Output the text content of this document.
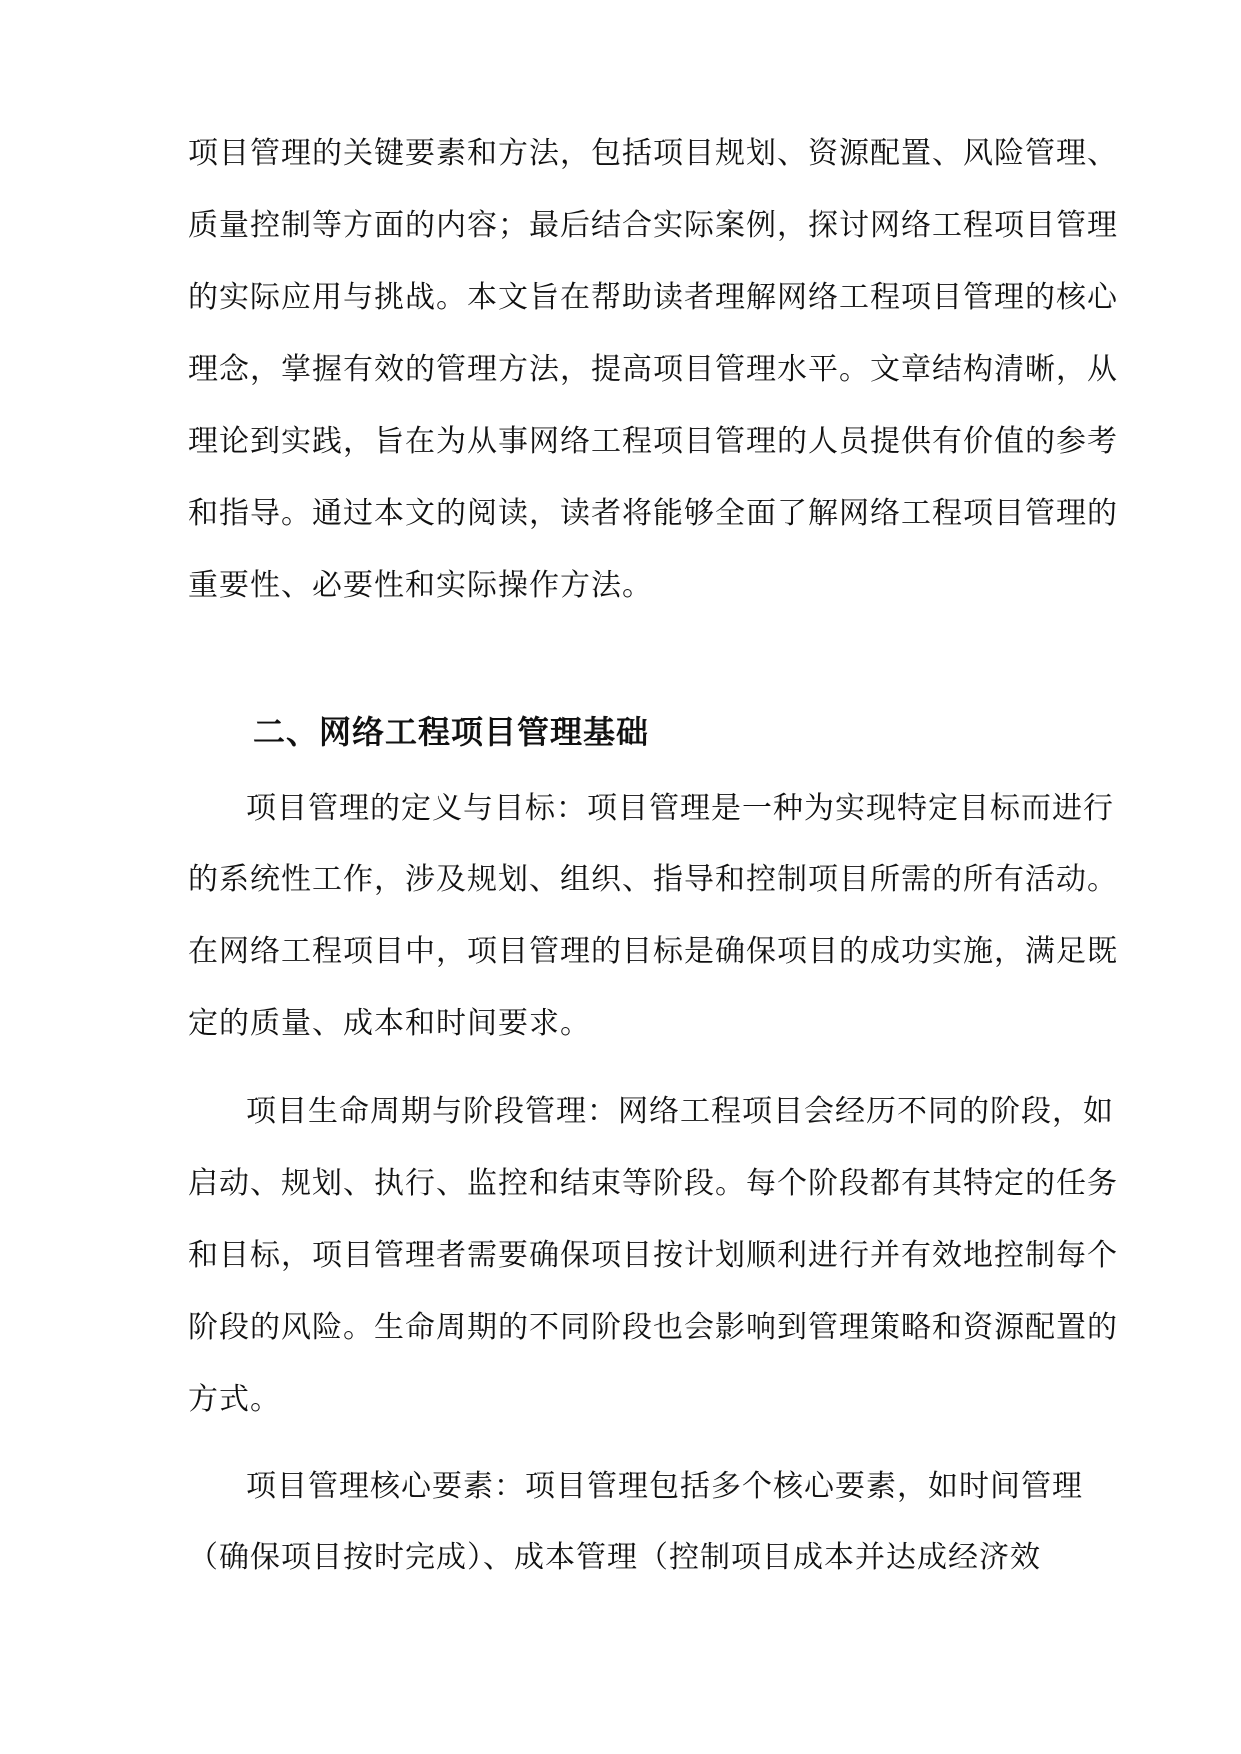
项目管理的关键要素和方法，包括项目规划、资源配置、风险管理、
质量控制等方面的内容；最后结合实际案例，探讨网络工程项目管理
的实际应用与挑战。本文旨在帮助读者理解网络工程项目管理的核心
理念，掌握有效的管理方法，提高项目管理水平。文章结构清晰，从
理论到实践，旨在为从事网络工程项目管理的人员提供有价值的参考
和指导。通过本文的阅读，读者将能够全面了解网络工程项目管理的
重要性、必要性和实际操作方法。
二、网络工程项目管理基础
项目管理的定义与目标：项目管理是一种为实现特定目标而进行
的系统性工作，涉及规划、组织、指导和控制项目所需的所有活动。
在网络工程项目中，项目管理的目标是确保项目的成功实施，满足既
定的质量、成本和时间要求。
项目生命周期与阶段管理：网络工程项目会经历不同的阶段，如
启动、规划、执行、监控和结束等阶段。每个阶段都有其特定的任务
和目标，项目管理者需要确保项目按计划顺利进行并有效地控制每个
阶段的风险。生命周期的不同阶段也会影响到管理策略和资源配置的
方式。
项目管理核心要素：项目管理包括多个核心要素，如时间管理
（确保项目按时完成）、成本管理（控制项目成本并达成经济效
